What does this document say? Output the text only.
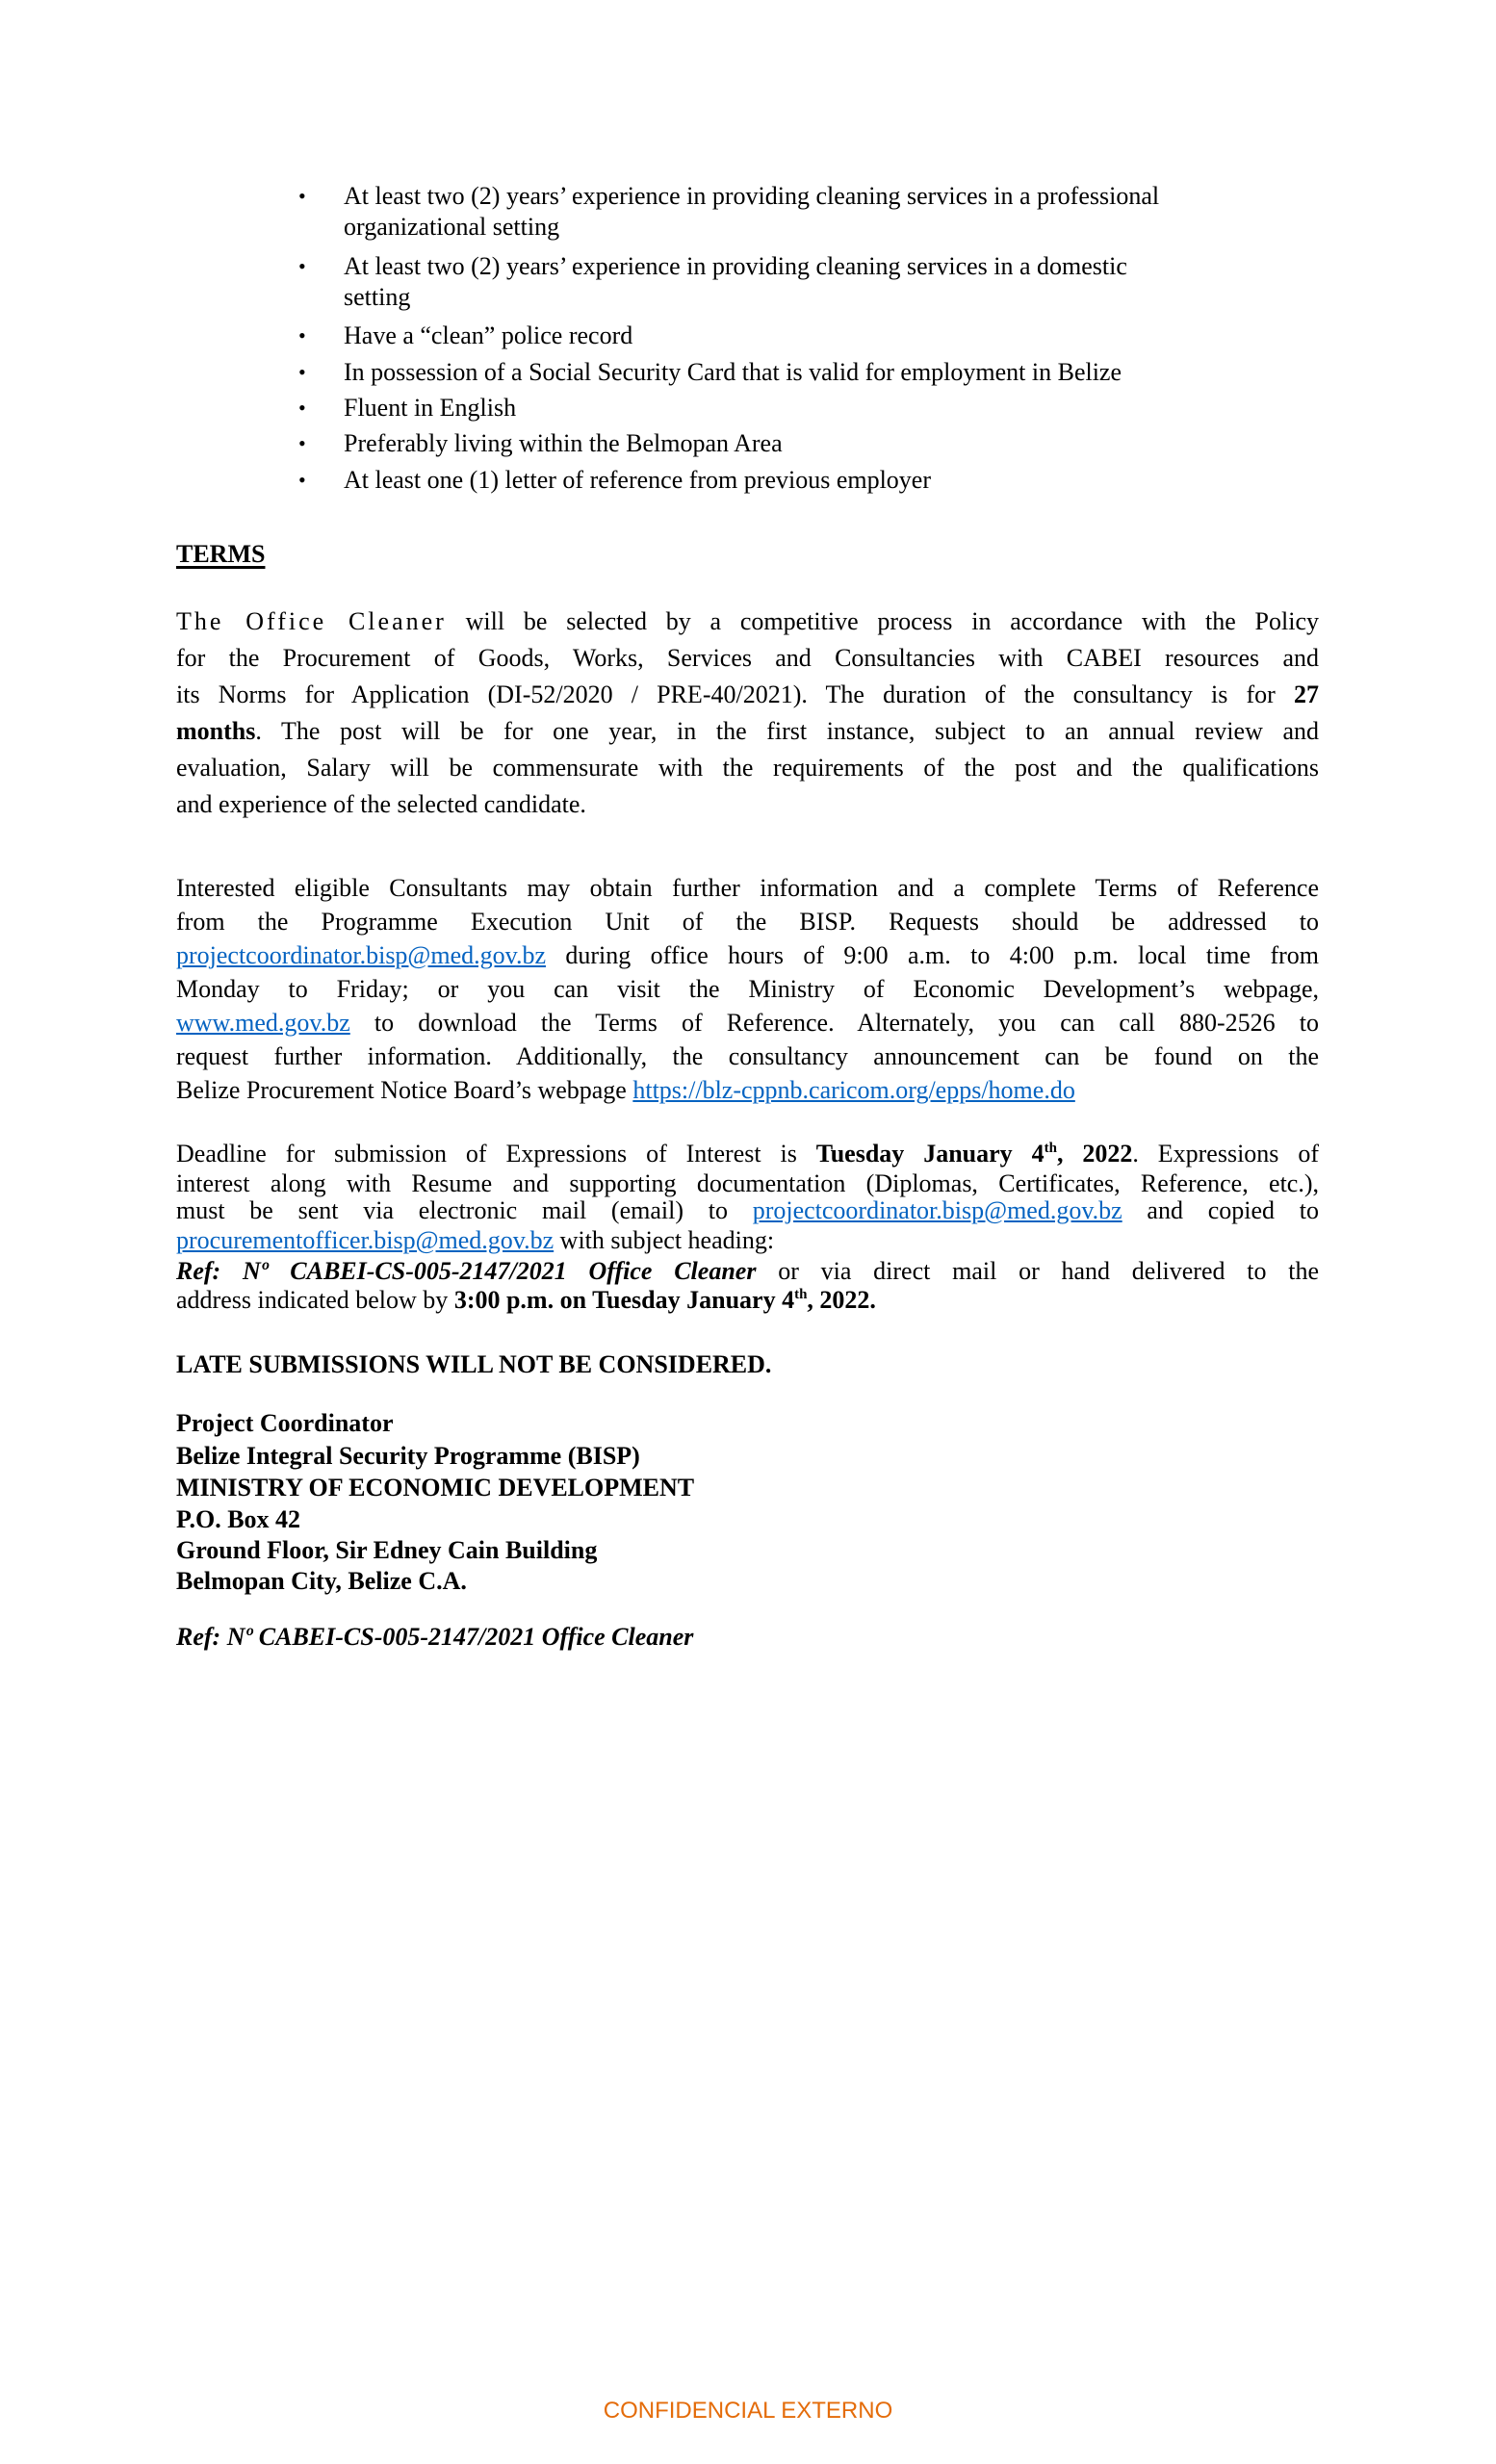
• At least two (2) years’ experience in providing cleaning services in a professional
organizational setting
• At least two (2) years’ experience in providing cleaning services in a domestic
setting
• Have a “clean” police record
• In possession of a Social Security Card that is valid for employment in Belize
• Fluent in English
• Preferably living within the Belmopan Area
• At least one (1) letter of reference from previous employer
TERMS
The Office Cleaner will be selected by a competitive process in accordance with the Policy
for the Procurement of Goods, Works, Services and Consultancies with CABEI resources and
its Norms for Application (DI-52/2020 / PRE-40/2021). The duration of the consultancy is for 27
months. The post will be for one year, in the first instance, subject to an annual review and
evaluation, Salary will be commensurate with the requirements of the post and the qualifications
and experience of the selected candidate.
Interested eligible Consultants may obtain further information and a complete Terms of Reference
from the Programme Execution Unit of the BISP. Requests should be addressed to
projectcoordinator.bisp@med.gov.bz during office hours of 9:00 a.m. to 4:00 p.m. local time from
Monday to Friday; or you can visit the Ministry of Economic Development’s webpage,
www.med.gov.bz to download the Terms of Reference. Alternately, you can call 880-2526 to
request further information. Additionally, the consultancy announcement can be found on the
Belize Procurement Notice Board’s webpage https://blz-cppnb.caricom.org/epps/home.do
Deadline for submission of Expressions of Interest is Tuesday January 4th, 2022. Expressions of
interest along with Resume and supporting documentation (Diplomas, Certificates, Reference, etc.),
must be sent via electronic mail (email) to projectcoordinator.bisp@med.gov.bz and copied to
procurementofficer.bisp@med.gov.bz with subject heading:
Ref: Nº CABEI-CS-005-2147/2021 Office Cleaner or via direct mail or hand delivered to the
address indicated below by 3:00 p.m. on Tuesday January 4th, 2022.
LATE SUBMISSIONS WILL NOT BE CONSIDERED.
Project Coordinator
Belize Integral Security Programme (BISP)
MINISTRY OF ECONOMIC DEVELOPMENT
P.O. Box 42
Ground Floor, Sir Edney Cain Building
Belmopan City, Belize C.A.
Ref: Nº CABEI-CS-005-2147/2021 Office Cleaner
CONFIDENCIAL EXTERNO
